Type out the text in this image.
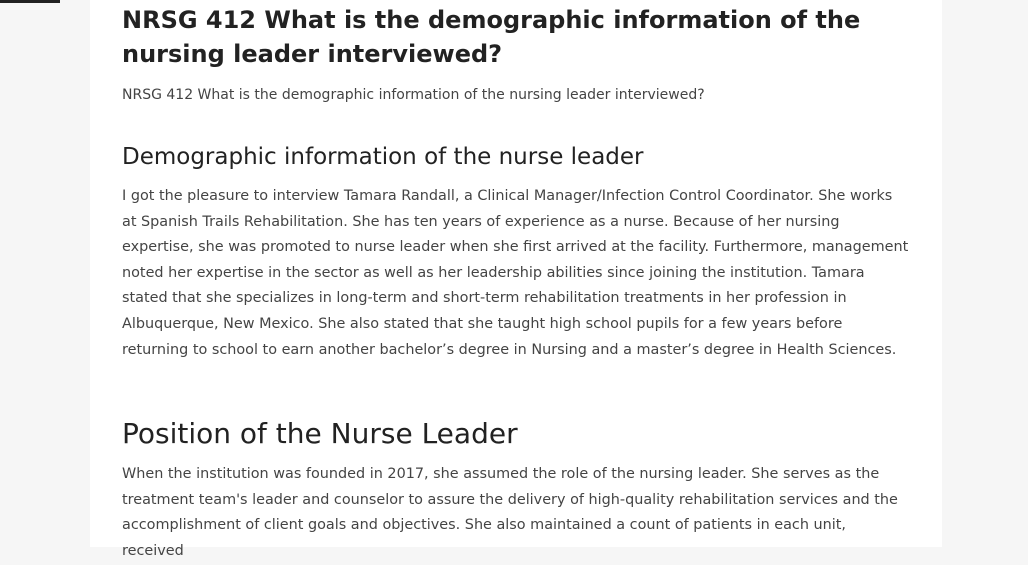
NRSG 412 What is the demographic information of the nursing leader interviewed?

NRSG 412 What is the demographic information of the nursing leader interviewed?

Demographic information of the nurse leader

I got the pleasure to interview Tamara Randall, a Clinical Manager/Infection Control Coordinator. She works at Spanish Trails Rehabilitation. She has ten years of experience as a nurse. Because of her nursing expertise, she was promoted to nurse leader when she first arrived at the facility. Furthermore, management noted her expertise in the sector as well as her leadership abilities since joining the institution. Tamara stated that she specializes in long-term and short-term rehabilitation treatments in her profession in Albuquerque, New Mexico. She also stated that she taught high school pupils for a few years before returning to school to earn another bachelor’s degree in Nursing and a master’s degree in Health Sciences.

Position of the Nurse Leader

When the institution was founded in 2017, she assumed the role of the nursing leader. She serves as the treatment team's leader and counselor to assure the delivery of high-quality rehabilitation services and the accomplishment of client goals and objectives. She also maintained a count of patients in each unit, received
